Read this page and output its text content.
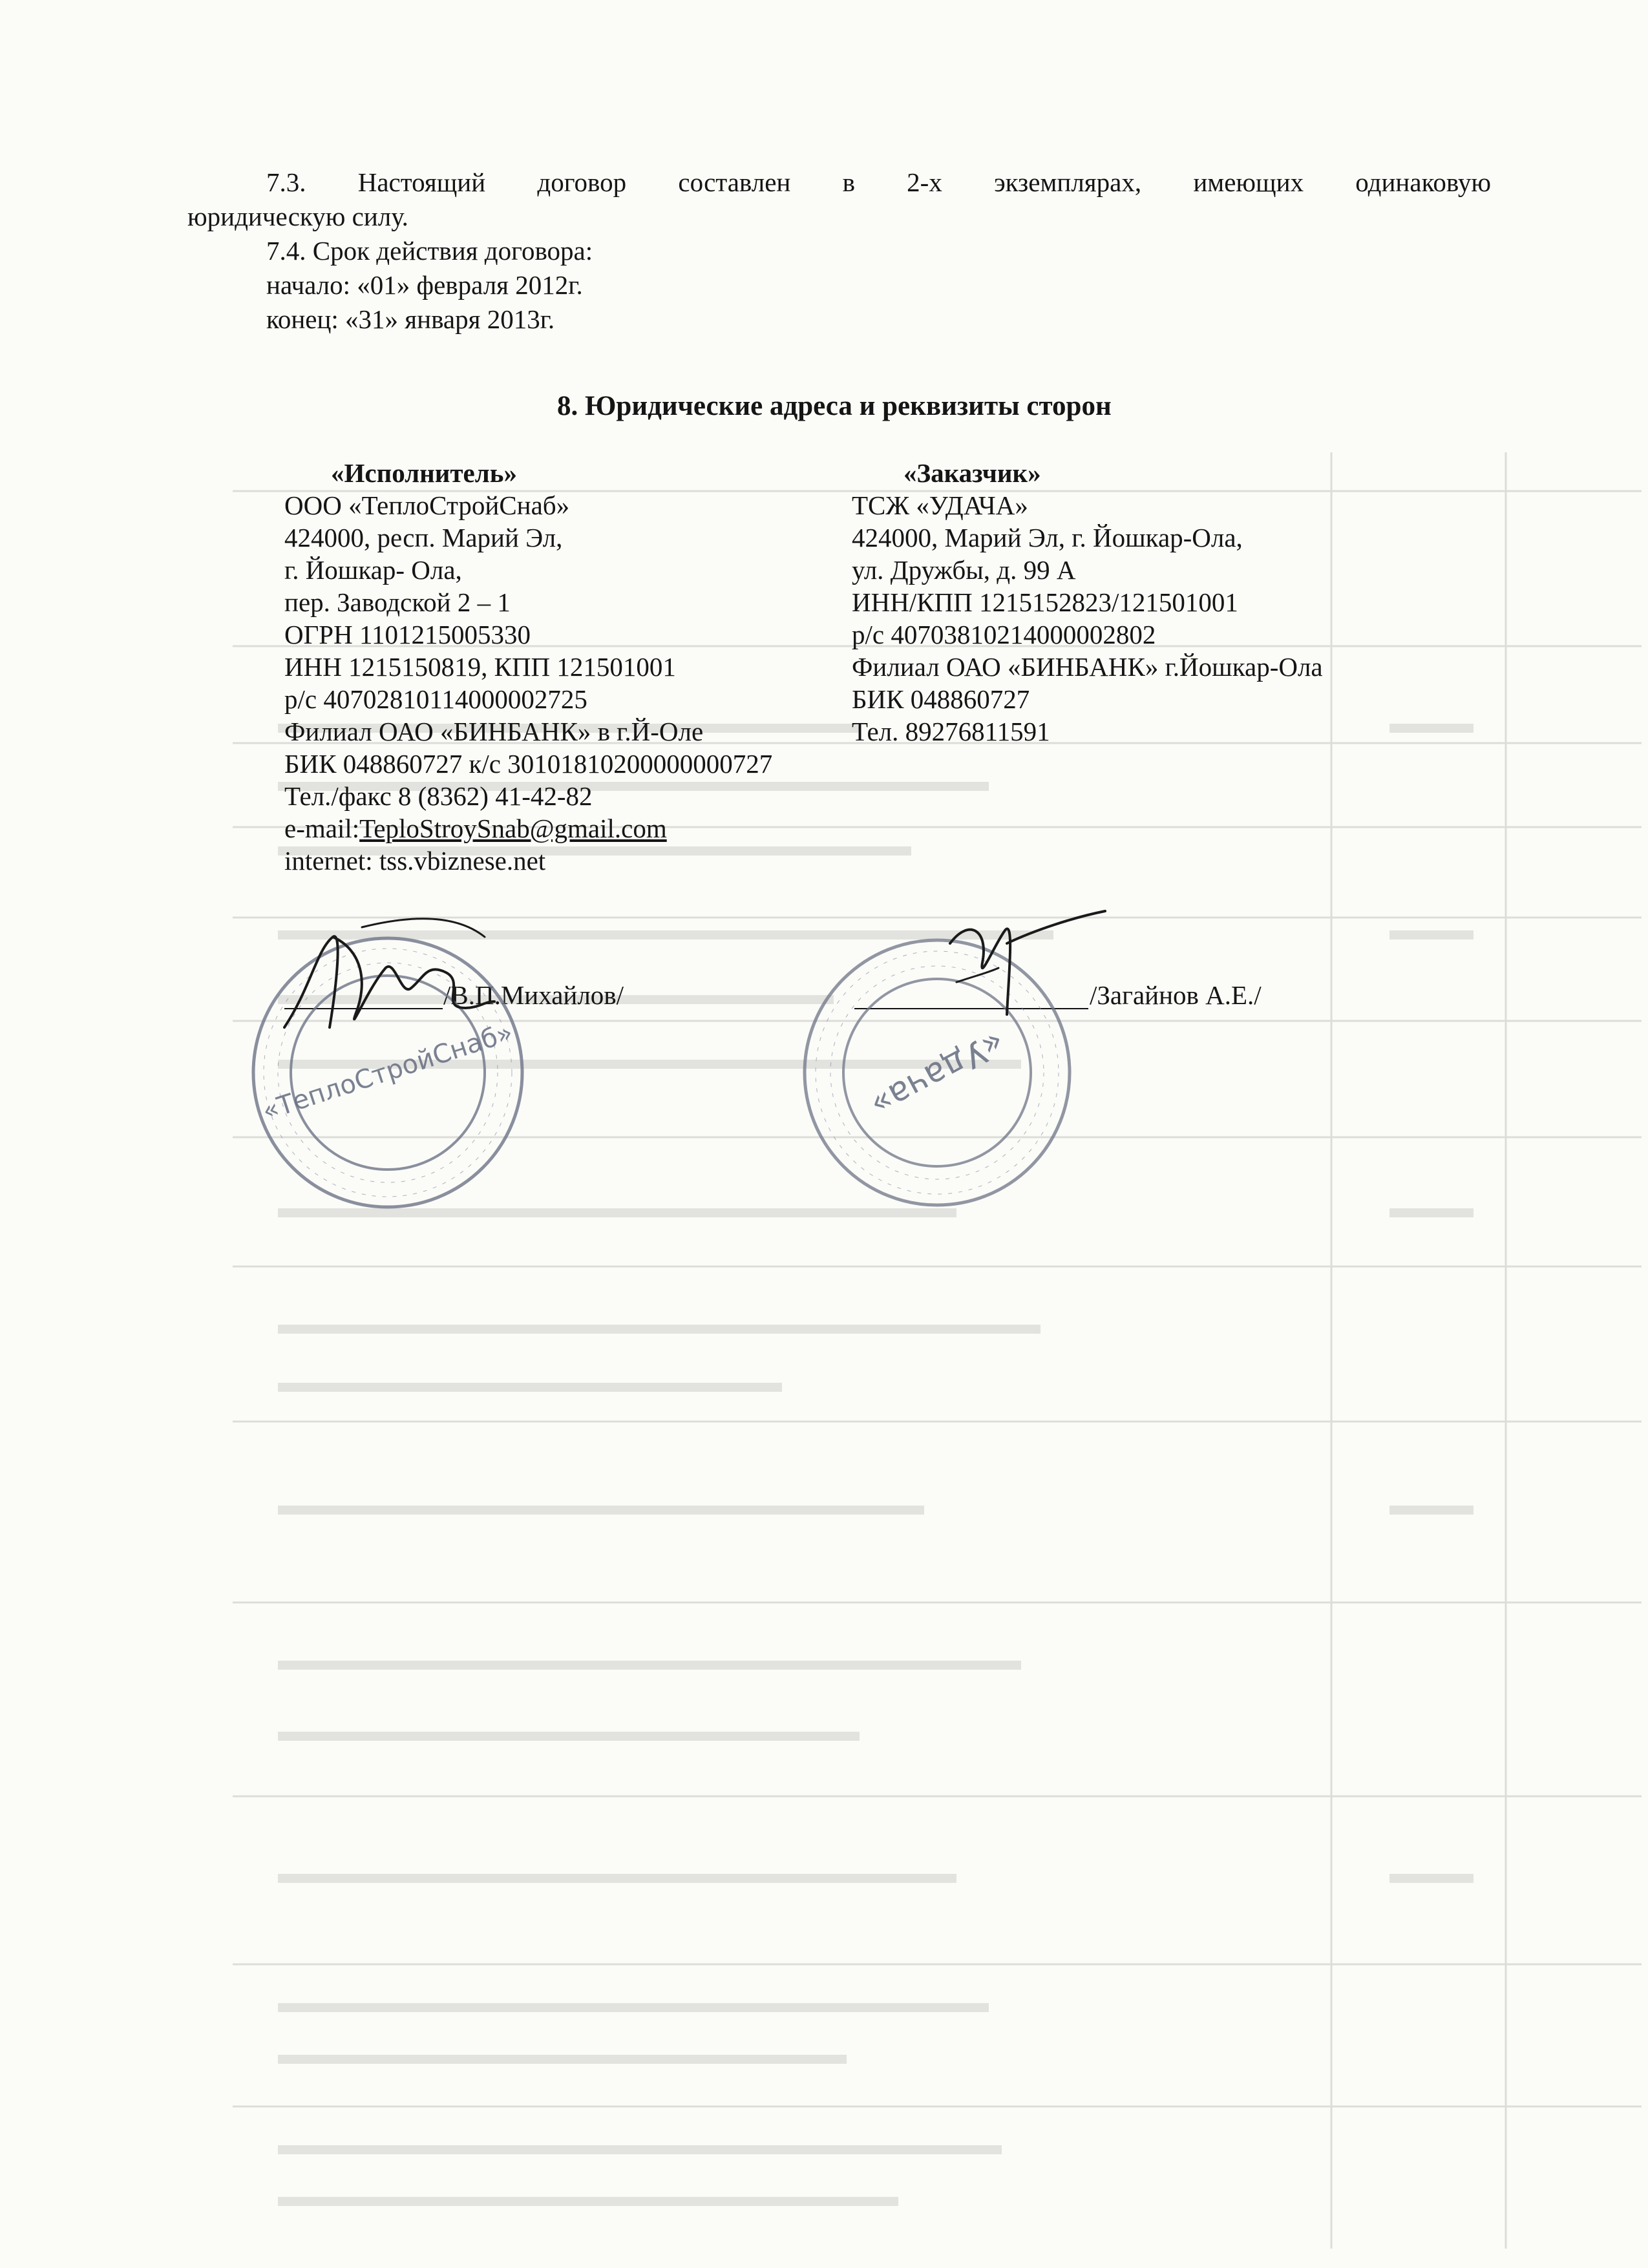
7.3. Настоящий договор составлен в 2-х экземплярах, имеющих одинаковую
юридическую силу.
7.4. Срок действия договора:
начало: «01» февраля 2012г.
конец: «31» января 2013г.
8. Юридические адреса и реквизиты сторон
«Исполнитель»
ООО «ТеплоСтройСнаб»
424000, респ. Марий Эл,
г. Йошкар- Ола,
пер. Заводской 2 – 1
ОГРН 1101215005330
ИНН 1215150819, КПП 121501001
р/с 40702810114000002725
Филиал ОАО «БИНБАНК» в г.Й-Оле
БИК 048860727 к/с 30101810200000000727
Тел./факс 8 (8362) 41-42-82
e-mail:TeploStroySnab@gmail.com
internet: tss.vbiznese.net
«Заказчик»
ТСЖ «УДАЧА»
424000, Марий Эл, г. Йошкар-Ола,
ул. Дружбы, д. 99 А
ИНН/КПП 1215152823/121501001
р/с 40703810214000002802
Филиал ОАО «БИНБАНК» г.Йошкар-Ола
БИК 048860727
Тел. 89276811591
/В.П.Михайлов/	/Загайнов А.Е./
«ТеплоСтройСнаб»	«Удача»
